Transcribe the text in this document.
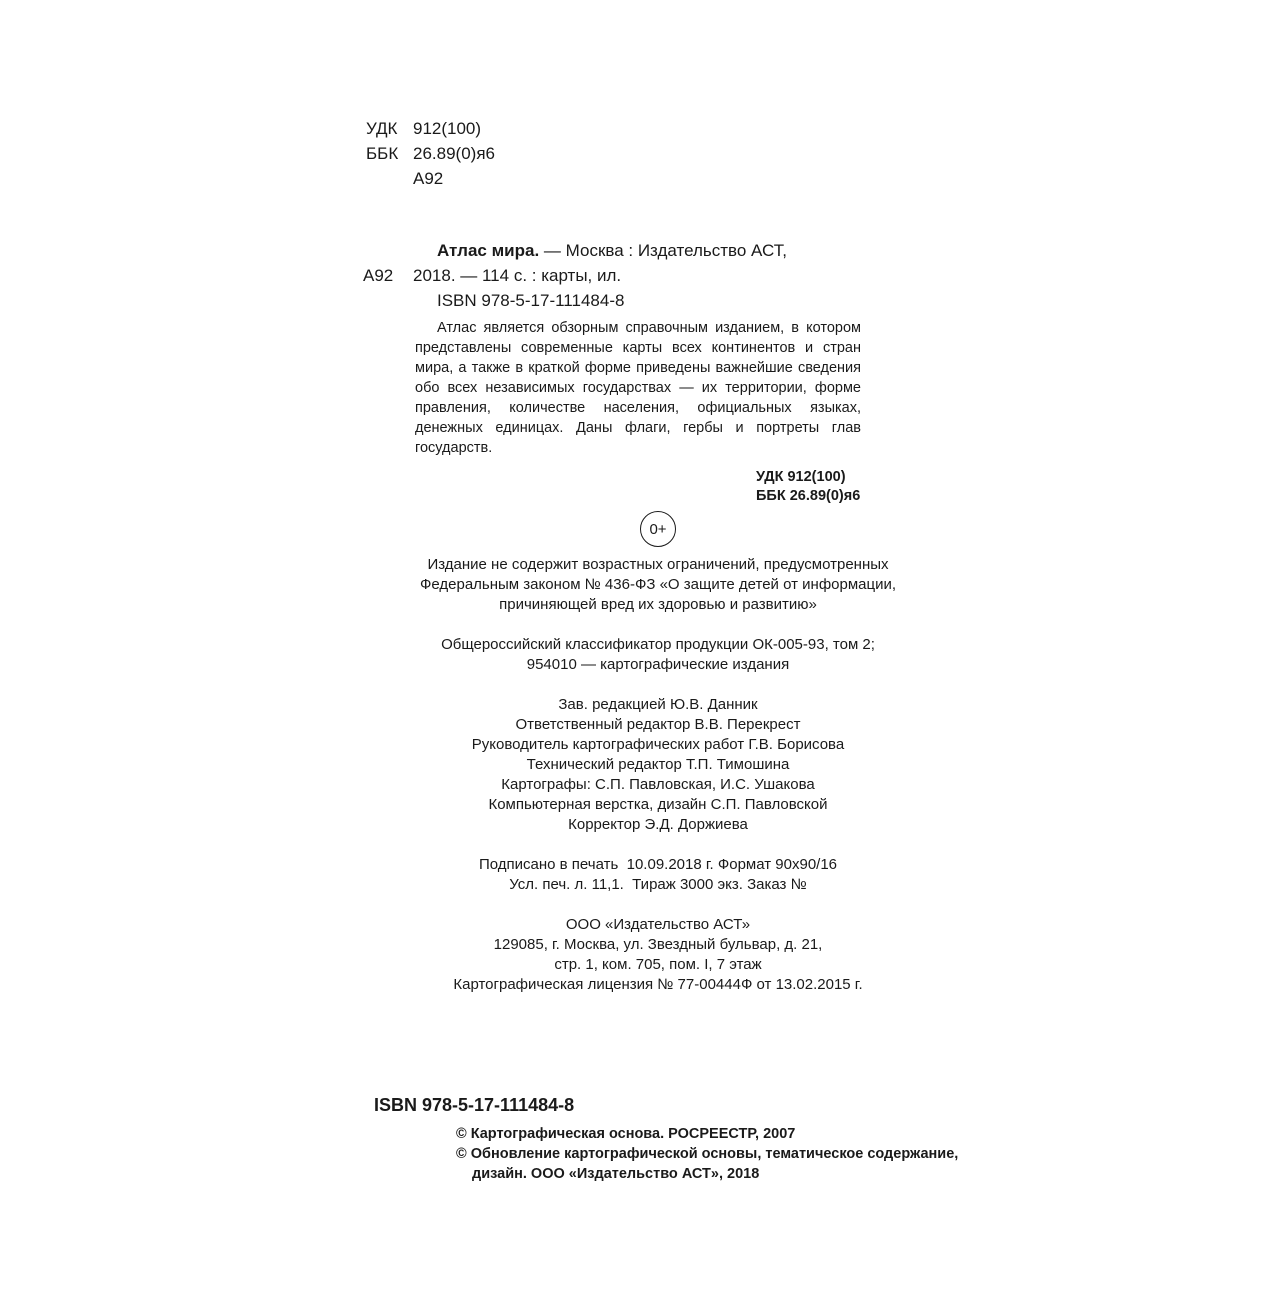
УДК 912(100)
ББК 26.89(0)я6
А92
Атлас мира. — Москва : Издательство АСТ,
А92 2018. — 114 с. : карты, ил.
ISBN 978-5-17-111484-8
Атлас является обзорным справочным изданием, в котором представлены современные карты всех континентов и стран мира, а также в краткой форме приведены важнейшие сведения обо всех независимых государствах — их территории, форме правления, количестве населения, официальных языках, денежных единицах. Даны флаги, гербы и портреты глав государств.
УДК 912(100)
ББК 26.89(0)я6
0+
Издание не содержит возрастных ограничений, предусмотренных
Федеральным законом № 436-ФЗ «О защите детей от информации,
причиняющей вред их здоровью и развитию»
Общероссийский классификатор продукции ОК-005-93, том 2;
954010 — картографические издания
Зав. редакцией Ю.В. Данник
Ответственный редактор В.В. Перекрест
Руководитель картографических работ Г.В. Борисова
Технический редактор Т.П. Тимошина
Картографы: С.П. Павловская, И.С. Ушакова
Компьютерная верстка, дизайн С.П. Павловской
Корректор Э.Д. Доржиева
Подписано в печать  10.09.2018 г. Формат 90х90/16
Усл. печ. л. 11,1.  Тираж 3000 экз. Заказ №
ООО «Издательство АСТ»
129085, г. Москва, ул. Звездный бульвар, д. 21,
стр. 1, ком. 705, пом. I, 7 этаж
Картографическая лицензия № 77-00444Ф от 13.02.2015 г.
ISBN 978-5-17-111484-8
© Картографическая основа. РОСРЕЕСТР, 2007
© Обновление картографической основы, тематическое содержание,
дизайн. ООО «Издательство АСТ», 2018
